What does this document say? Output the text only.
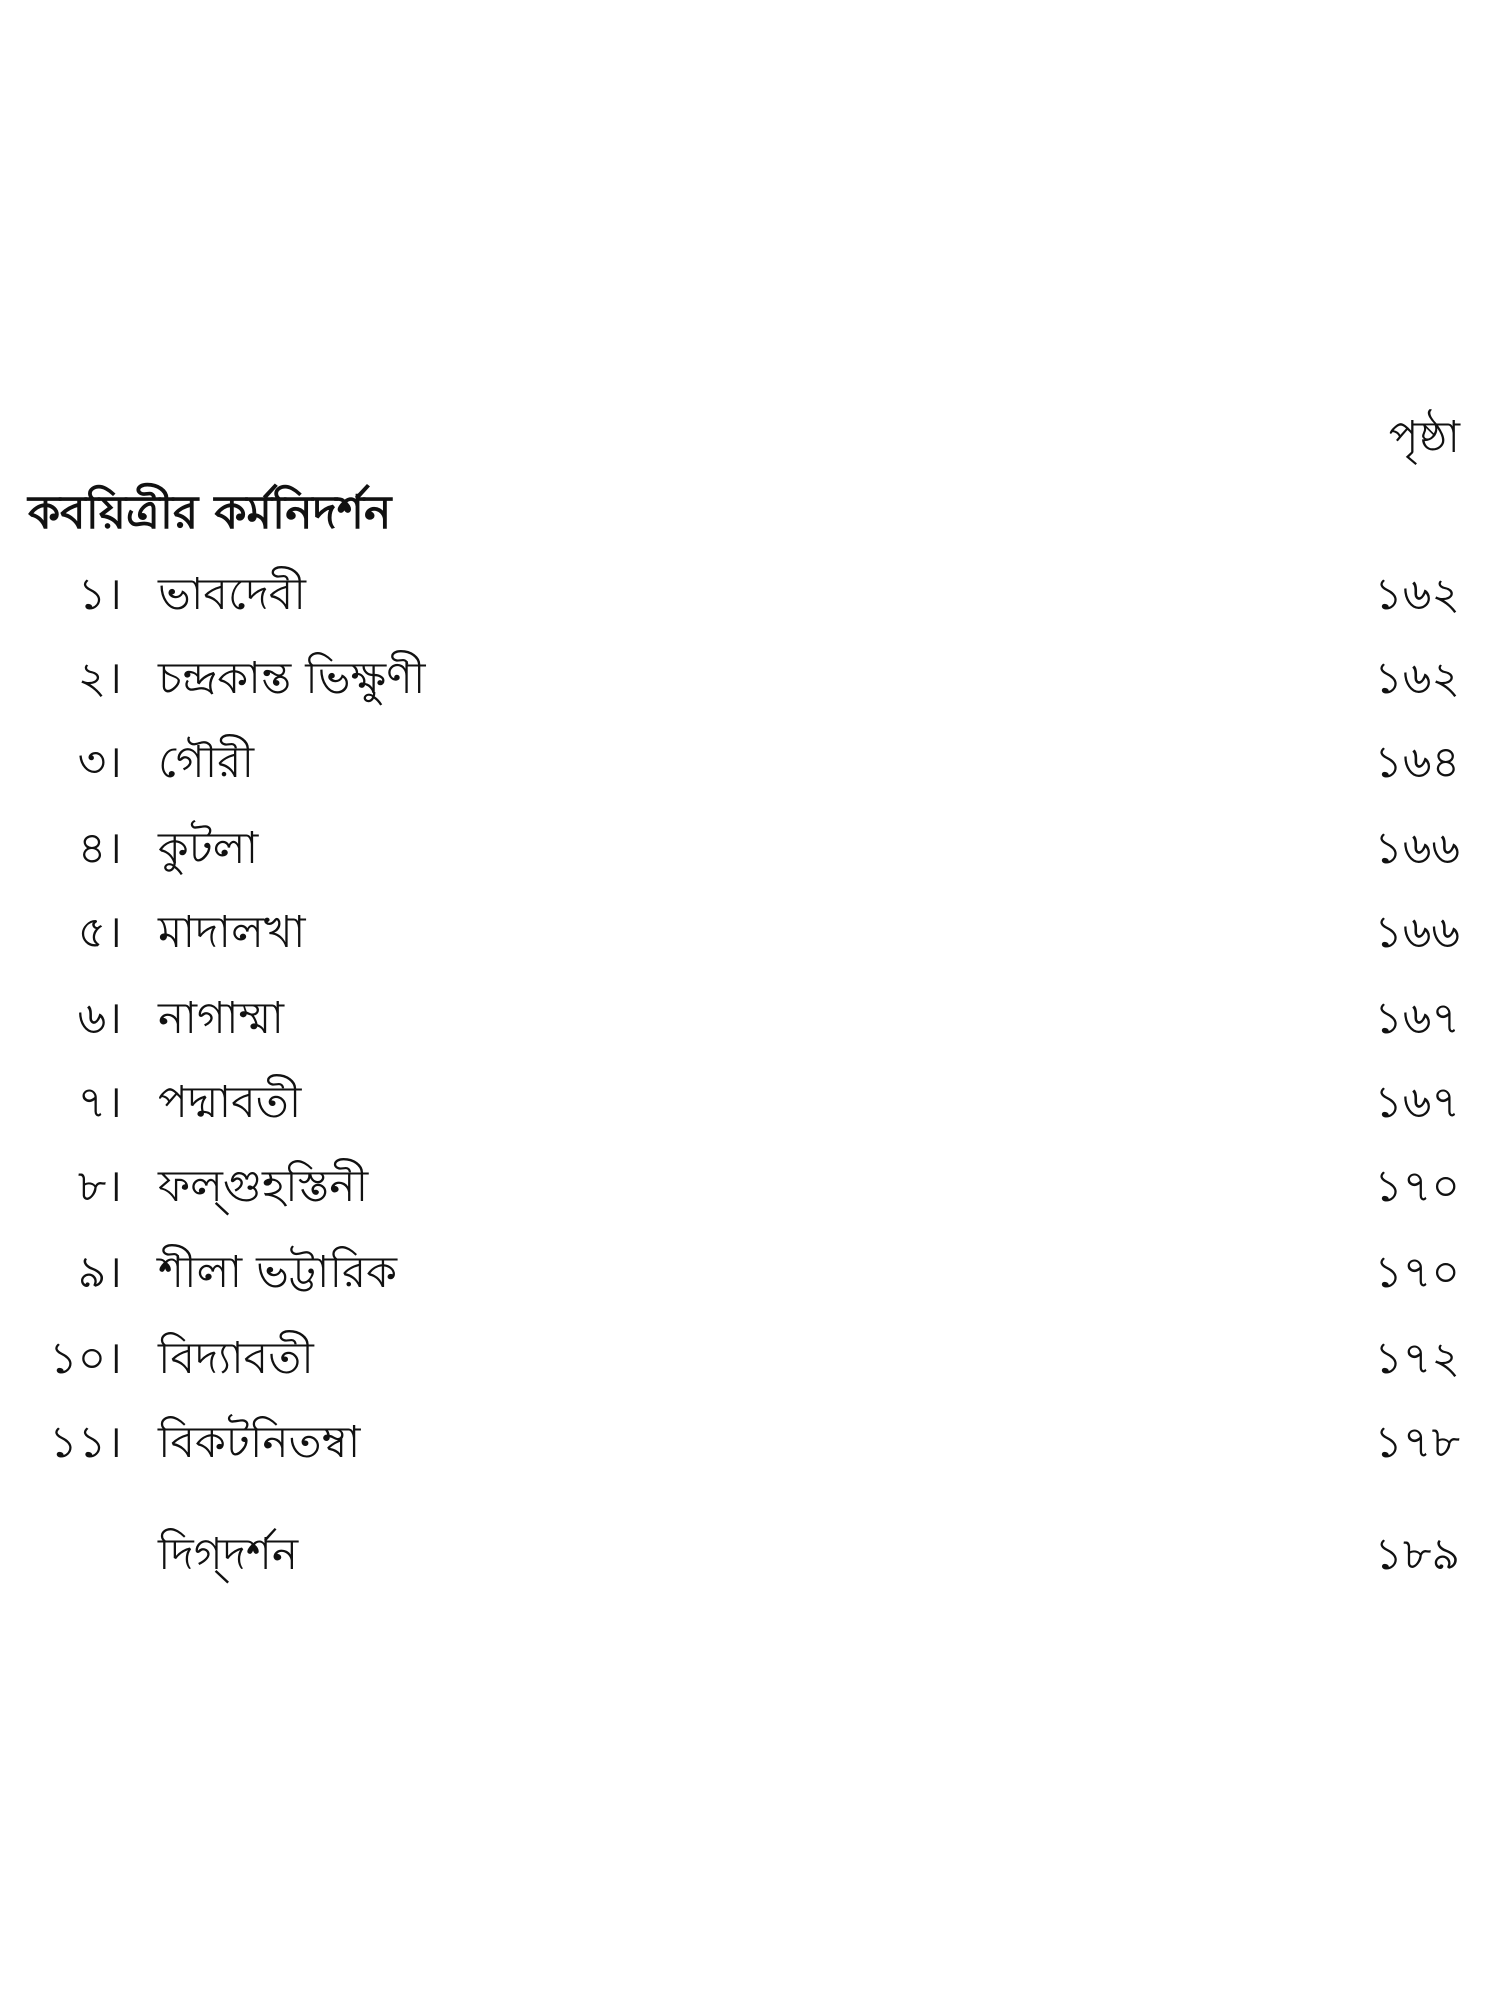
পৃষ্ঠা
কবয়িত্রীর কর্মনিদর্শন
১। ভাবদেবী	১৬২
২। চন্দ্রকান্ত ভিক্ষুণী	১৬২
৩। গৌরী	১৬৪
৪। কুটলা	১৬৬
৫। মাদালখা	১৬৬
৬। নাগাম্মা	১৬৭
৭। পদ্মাবতী	১৬৭
৮। ফল্গুহস্তিনী	১৭০
৯। শীলা ভট্টারিক	১৭০
১০। বিদ্যাবতী	১৭২
১১। বিকটনিতম্বা	১৭৮
দিগ্‌দর্শন	১৮৯
